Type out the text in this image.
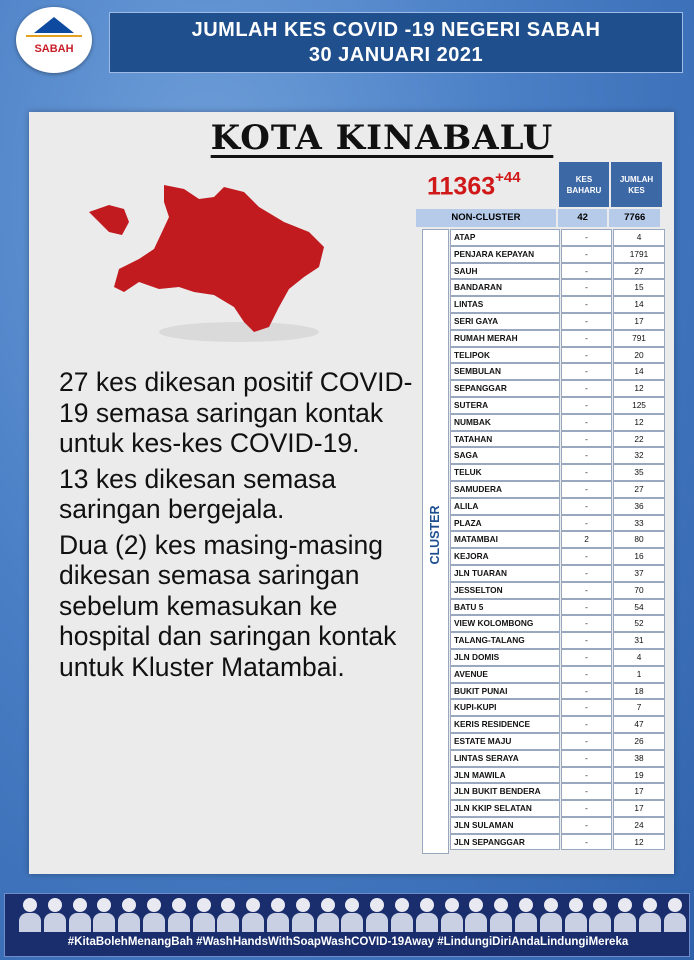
SABAH
JUMLAH KES COVID -19 NEGERI SABAH
30 JANUARI 2021
KOTA KINABALU

27 kes dikesan positif COVID-19 semasa saringan kontak untuk kes-kes COVID-19.

13 kes dikesan semasa saringan bergejala.

Dua (2) kes masing-masing dikesan semasa saringan sebelum kemasukan ke hospital dan saringan kontak untuk Kluster Matambai.

$11363^{+44}$	KES BAHARU
JUMLAH KES
NON-CLUSTER	42	7766
CLUSTER
ATAP	-	4
PENJARA KEPAYAN	-	1791
SAUH	-	27
BANDARAN	-	15
LINTAS	-	14
SERI GAYA	-	17
RUMAH MERAH	-	791
TELIPOK	-	20
SEMBULAN	-	14
SEPANGGAR	-	12
SUTERA	-	125
NUMBAK	-	12
TATAHAN	-	22
SAGA	-	32
TELUK	-	35
SAMUDERA	-	27
ALILA	-	36
PLAZA	-	33
MATAMBAI	2	80
KEJORA	-	16
JLN TUARAN	-	37
JESSELTON	-	70
BATU 5	-	54
VIEW KOLOMBONG	-	52
TALANG-TALANG	-	31
JLN DOMIS	-	4
AVENUE	-	1
BUKIT PUNAI	-	18
KUPI-KUPI	-	7
KERIS RESIDENCE	-	47
ESTATE MAJU	-	26
LINTAS SERAYA	-	38
JLN MAWILA	-	19
JLN BUKIT BENDERA	-	17
JLN KKIP SELATAN	-	17
JLN SULAMAN	-	24
JLN SEPANGGAR	-	12
#KitaBolehMenangBah #WashHandsWithSoapWashCOVID-19Away #LindungiDiriAndaLindungiMereka
